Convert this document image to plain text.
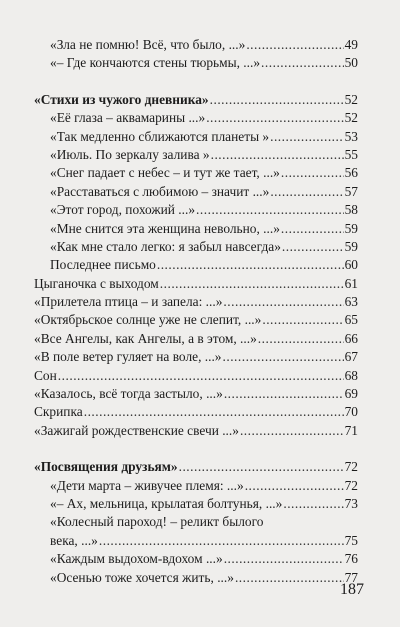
«Зла не помню! Всё, что было, ...» .....	49
«– Где кончаются стены тюрьмы, ...» .....	50
«Стихи из чужого дневника» .....	52
«Её глаза – аквамарины ...» .....	52
«Так медленно сближаются планеты » .....	53
«Июль. По зеркалу залива » .....	55
«Снег падает с небес – и тут же тает, ...» .....	56
«Расставаться с любимою – значит ...» .....	57
«Этот город, похожий ...» .....	58
«Мне снится эта женщина невольно, ...» .....	59
«Как мне стало легко: я забыл навсегда» .....	59
Последнее письмо .....	60
Цыганочка с выходом .....	61
«Прилетела птица – и запела: ...» .....	63
«Октябрьское солнце уже не слепит, ...» .....	65
«Все Ангелы, как Ангелы, а в этом, ...» .....	66
«В поле ветер гуляет на воле, ...» .....	67
Сон .....	68
«Казалось, всё тогда застыло, ...» .....	69
Скрипка .....	70
«Зажигай рождественские свечи ...» .....	71
«Посвящения друзьям» .....	72
«Дети марта – живучее племя: ...» .....	72
«– Ах, мельница, крылатая болтунья, ...» .....	73
«Колесный пароход! – реликт былого
века, ...» .....	75
«Каждым выдохом-вдохом ...» .....	76
«Осенью тоже хочется жить, ...» .....	77
187
